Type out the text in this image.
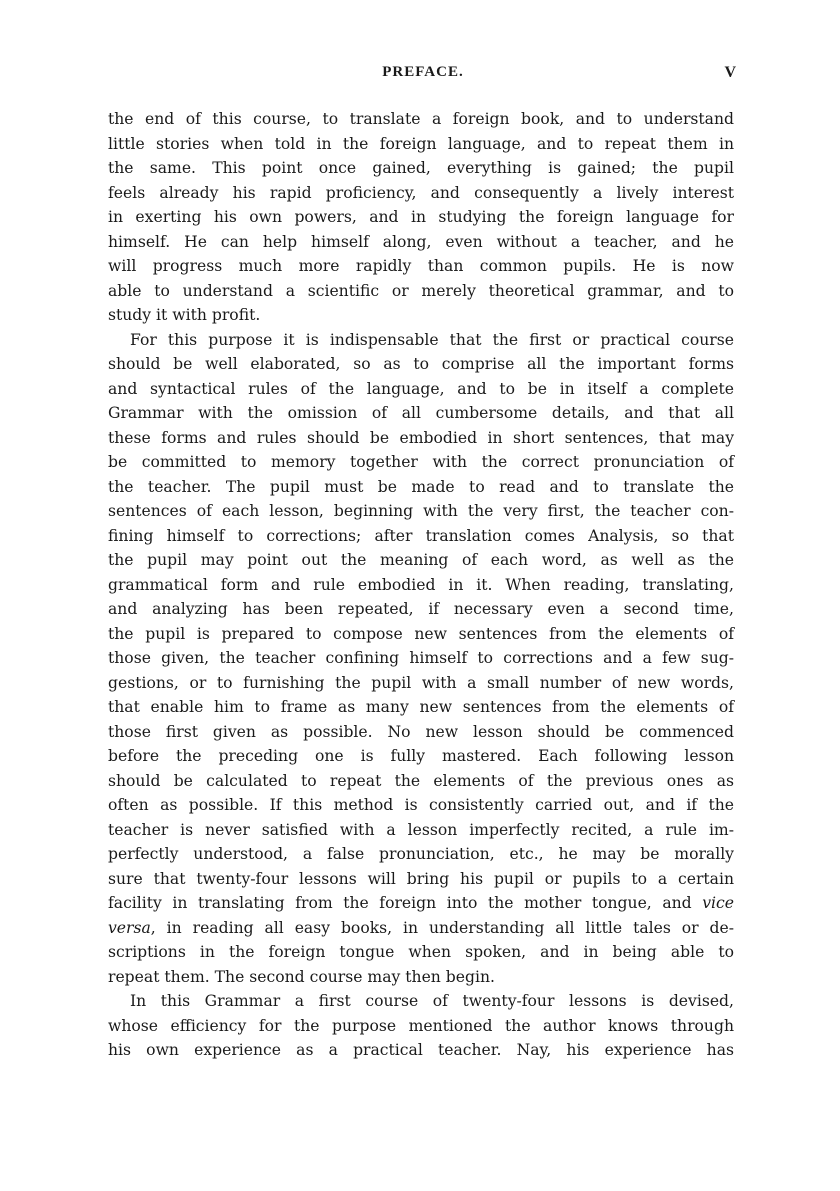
PREFACE.	V
the end of this course, to translate a foreign book, and to understand
little stories when told in the foreign language, and to repeat them in
the same. This point once gained, everything is gained; the pupil
feels already his rapid proficiency, and consequently a lively interest
in exerting his own powers, and in studying the foreign language for
himself. He can help himself along, even without a teacher, and he
will progress much more rapidly than common pupils. He is now
able to understand a scientific or merely theoretical grammar, and to
study it with profit.
For this purpose it is indispensable that the first or practical course
should be well elaborated, so as to comprise all the important forms
and syntactical rules of the language, and to be in itself a complete
Grammar with the omission of all cumbersome details, and that all
these forms and rules should be embodied in short sentences, that may
be committed to memory together with the correct pronunciation of
the teacher. The pupil must be made to read and to translate the
sentences of each lesson, beginning with the very first, the teacher con-
fining himself to corrections; after translation comes Analysis, so that
the pupil may point out the meaning of each word, as well as the
grammatical form and rule embodied in it. When reading, translating,
and analyzing has been repeated, if necessary even a second time,
the pupil is prepared to compose new sentences from the elements of
those given, the teacher confining himself to corrections and a few sug-
gestions, or to furnishing the pupil with a small number of new words,
that enable him to frame as many new sentences from the elements of
those first given as possible. No new lesson should be commenced
before the preceding one is fully mastered. Each following lesson
should be calculated to repeat the elements of the previous ones as
often as possible. If this method is consistently carried out, and if the
teacher is never satisfied with a lesson imperfectly recited, a rule im-
perfectly understood, a false pronunciation, etc., he may be morally
sure that twenty-four lessons will bring his pupil or pupils to a certain
facility in translating from the foreign into the mother tongue, and vice
versa, in reading all easy books, in understanding all little tales or de-
scriptions in the foreign tongue when spoken, and in being able to
repeat them. The second course may then begin.
In this Grammar a first course of twenty-four lessons is devised,
whose efficiency for the purpose mentioned the author knows through
his own experience as a practical teacher. Nay, his experience has
